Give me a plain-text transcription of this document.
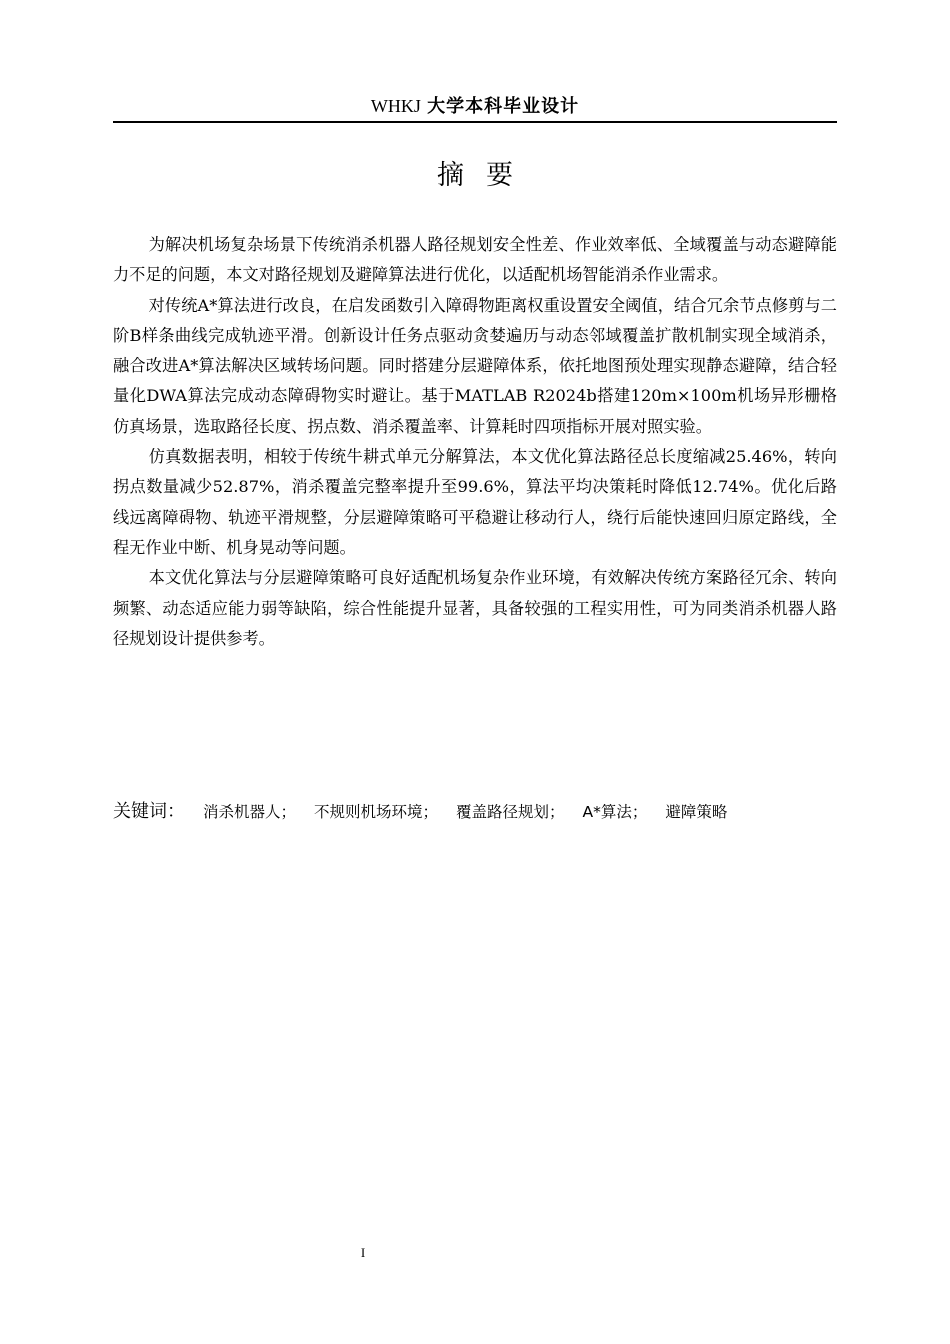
WHKJ 大学本科毕业设计
摘要

为解决机场复杂场景下传统消杀机器人路径规划安全性差、作业效率低、全域覆盖与动态避障能力不足的问题，本文对路径规划及避障算法进行优化，以适配机场智能消杀作业需求。

对传统A*算法进行改良，在启发函数引入障碍物距离权重设置安全阈值，结合冗余节点修剪与二阶B样条曲线完成轨迹平滑。创新设计任务点驱动贪婪遍历与动态邻域覆盖扩散机制实现全域消杀，融合改进A*算法解决区域转场问题。同时搭建分层避障体系，依托地图预处理实现静态避障，结合轻量化DWA算法完成动态障碍物实时避让。基于MATLAB R2024b搭建120m×100m机场异形栅格仿真场景，选取路径长度、拐点数、消杀覆盖率、计算耗时四项指标开展对照实验。

仿真数据表明，相较于传统牛耕式单元分解算法，本文优化算法路径总长度缩减25.46%，转向拐点数量减少52.87%，消杀覆盖完整率提升至99.6%，算法平均决策耗时降低12.74%。优化后路线远离障碍物、轨迹平滑规整，分层避障策略可平稳避让移动行人，绕行后能快速回归原定路线，全程无作业中断、机身晃动等问题。

本文优化算法与分层避障策略可良好适配机场复杂作业环境，有效解决传统方案路径冗余、转向频繁、动态适应能力弱等缺陷，综合性能提升显著，具备较强的工程实用性，可为同类消杀机器人路径规划设计提供参考。

关键词： 消杀机器人； 不规则机场环境； 覆盖路径规划； A*算法； 避障策略
I
